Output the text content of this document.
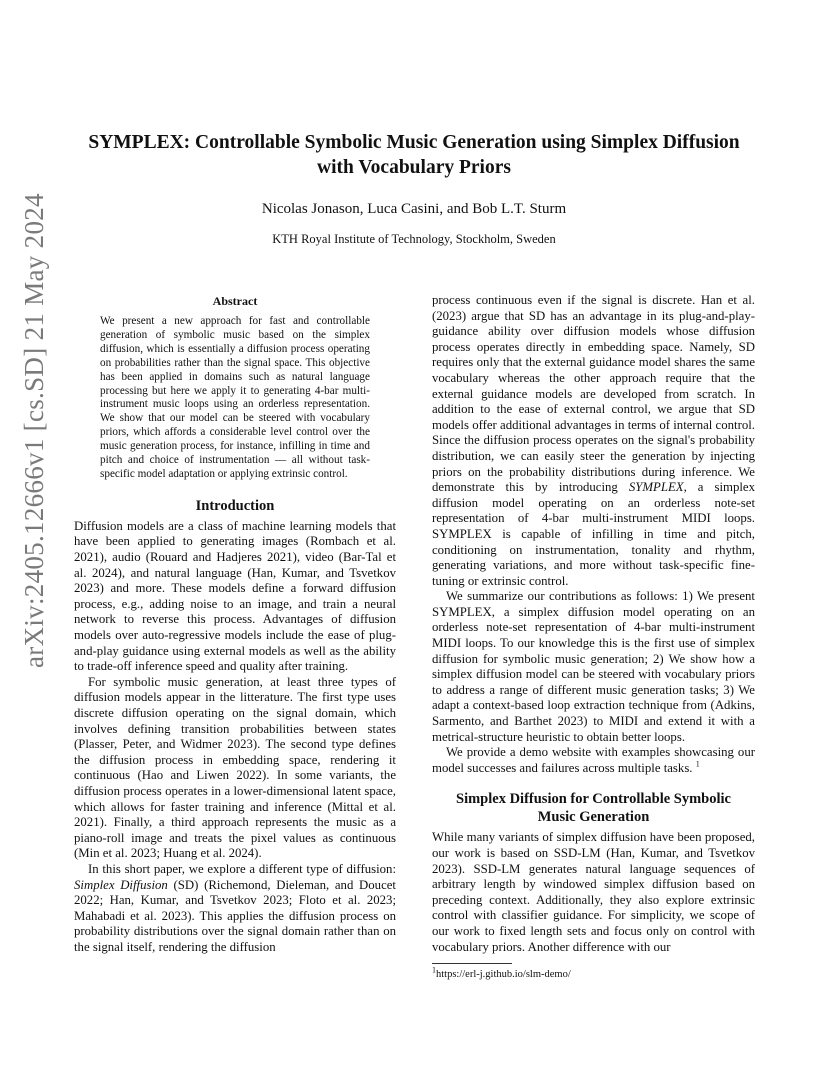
arXiv:2405.12666v1 [cs.SD] 21 May 2024
SYMPLEX: Controllable Symbolic Music Generation using Simplex Diffusion
with Vocabulary Priors
Nicolas Jonason, Luca Casini, and Bob L.T. Sturm
KTH Royal Institute of Technology, Stockholm, Sweden
Abstract

We present a new approach for fast and controllable generation of symbolic music based on the simplex diffusion, which is essentially a diffusion process operating on probabilities rather than the signal space. This objective has been applied in domains such as natural language processing but here we apply it to generating 4-bar multi-instrument music loops using an orderless representation. We show that our model can be steered with vocabulary priors, which affords a considerable level control over the music generation process, for instance, infilling in time and pitch and choice of instrumentation — all without task-specific model adaptation or applying extrinsic control.

Introduction

Diffusion models are a class of machine learning models that have been applied to generating images (Rombach et al. 2021), audio (Rouard and Hadjeres 2021), video (Bar-Tal et al. 2024), and natural language (Han, Kumar, and Tsvetkov 2023) and more. These models define a forward diffusion process, e.g., adding noise to an image, and train a neural network to reverse this process. Advantages of diffusion models over auto-regressive models include the ease of plug-and-play guidance using external models as well as the ability to trade-off inference speed and quality after training.

For symbolic music generation, at least three types of diffusion models appear in the litterature. The first type uses discrete diffusion operating on the signal domain, which involves defining transition probabilities between states (Plasser, Peter, and Widmer 2023). The second type defines the diffusion process in embedding space, rendering it continuous (Hao and Liwen 2022). In some variants, the diffusion process operates in a lower-dimensional latent space, which allows for faster training and inference (Mittal et al. 2021). Finally, a third approach represents the music as a piano-roll image and treats the pixel values as continuous (Min et al. 2023; Huang et al. 2024).

In this short paper, we explore a different type of diffusion: Simplex Diffusion (SD) (Richemond, Dieleman, and Doucet 2022; Han, Kumar, and Tsvetkov 2023; Floto et al. 2023; Mahabadi et al. 2023). This applies the diffusion process on probability distributions over the signal domain rather than on the signal itself, rendering the diffusion

process continuous even if the signal is discrete. Han et al. (2023) argue that SD has an advantage in its plug-and-play-guidance ability over diffusion models whose diffusion process operates directly in embedding space. Namely, SD requires only that the external guidance model shares the same vocabulary whereas the other approach require that the external guidance models are developed from scratch. In addition to the ease of external control, we argue that SD models offer additional advantages in terms of internal control. Since the diffusion process operates on the signal's probability distribution, we can easily steer the generation by injecting priors on the probability distributions during inference. We demonstrate this by introducing SYMPLEX, a simplex diffusion model operating on an orderless note-set representation of 4-bar multi-instrument MIDI loops. SYMPLEX is capable of infilling in time and pitch, conditioning on instrumentation, tonality and rhythm, generating variations, and more without task-specific fine-tuning or extrinsic control.

We summarize our contributions as follows: 1) We present SYMPLEX, a simplex diffusion model operating on an orderless note-set representation of 4-bar multi-instrument MIDI loops. To our knowledge this is the first use of simplex diffusion for symbolic music generation; 2) We show how a simplex diffusion model can be steered with vocabulary priors to address a range of different music generation tasks; 3) We adapt a context-based loop extraction technique from (Adkins, Sarmento, and Barthet 2023) to MIDI and extend it with a metrical-structure heuristic to obtain better loops.

We provide a demo website with examples showcasing our model successes and failures across multiple tasks. $^1$

Simplex Diffusion for Controllable Symbolic
Music Generation

While many variants of simplex diffusion have been proposed, our work is based on SSD-LM (Han, Kumar, and Tsvetkov 2023). SSD-LM generates natural language sequences of arbitrary length by windowed simplex diffusion based on preceding context. Additionally, they also explore extrinsic control with classifier guidance. For simplicity, we scope of our work to fixed length sets and focus only on control with vocabulary priors. Another difference with our

$^1$https://erl-j.github.io/slm-demo/
